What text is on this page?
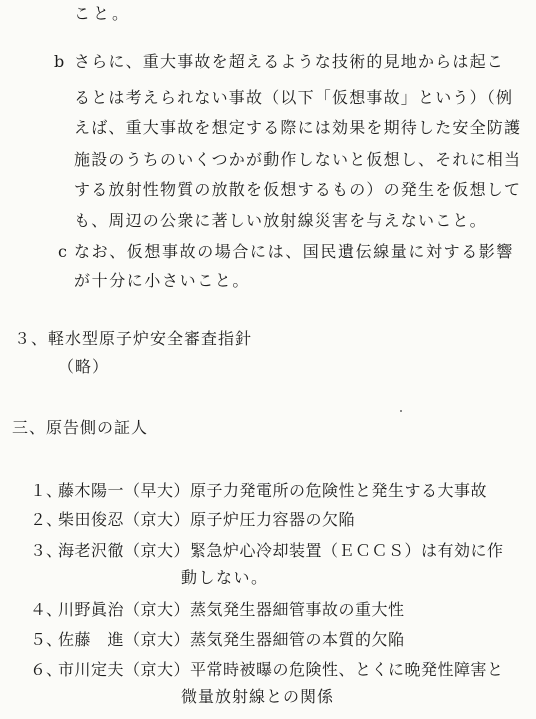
こと。
b さらに、重大事故を超えるような技術的見地からは起こ
るとは考えられない事故（以下「仮想事故」という）（例
えば、重大事故を想定する際には効果を期待した安全防護
施設のうちのいくつかが動作しないと仮想し、それに相当
する放射性物質の放散を仮想するもの）の発生を仮想して
も、周辺の公衆に著しい放射線災害を与えないこと。
c なお、仮想事故の場合には、国民遺伝線量に対する影響
が十分に小さいこと。
３、軽水型原子炉安全審査指針
（略）
三、原告側の証人
１、
藤木陽一（早大）原子力発電所の危険性と発生する大事故
２、
柴田俊忍（京大）原子炉圧力容器の欠陥
３、
海老沢徹（京大）緊急炉心冷却装置（ＥＣＣＳ）は有効に作
動しない。
４、
川野眞治（京大）蒸気発生器細管事故の重大性
５、
佐藤　進（京大）蒸気発生器細管の本質的欠陥
６、
市川定夫（京大）平常時被曝の危険性、とくに晩発性障害と
微量放射線との関係
